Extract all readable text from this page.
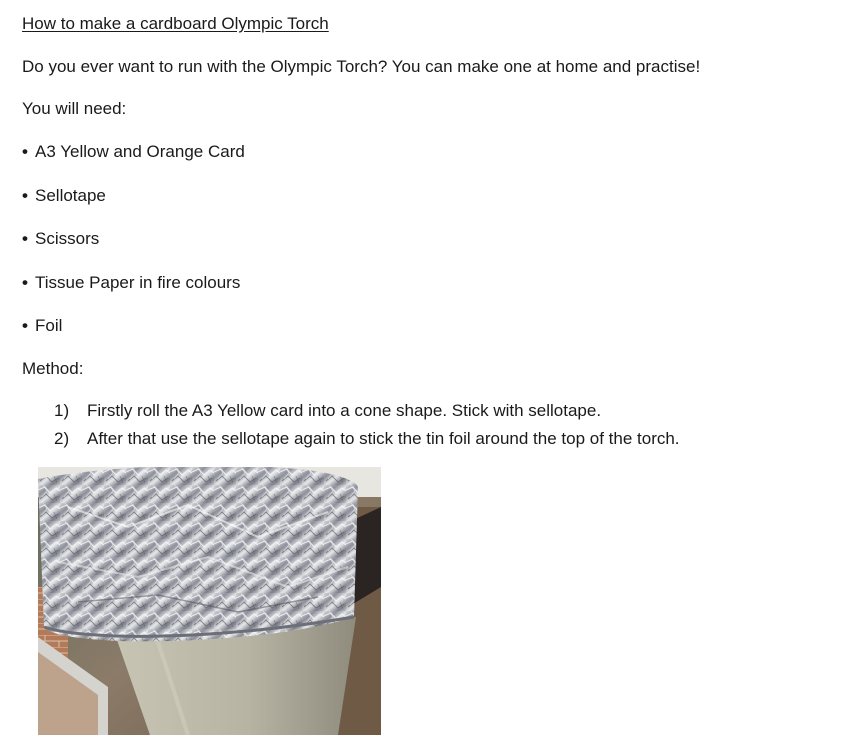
How to make a cardboard Olympic Torch

Do you ever want to run with the Olympic Torch? You can make one at home and practise!

You will need:

• A3 Yellow and Orange Card
• Sellotape
• Scissors
• Tissue Paper in fire colours
• Foil

Method:

1) Firstly roll the A3 Yellow card into a cone shape. Stick with sellotape.
2) After that use the sellotape again to stick the tin foil around the top of the torch.
